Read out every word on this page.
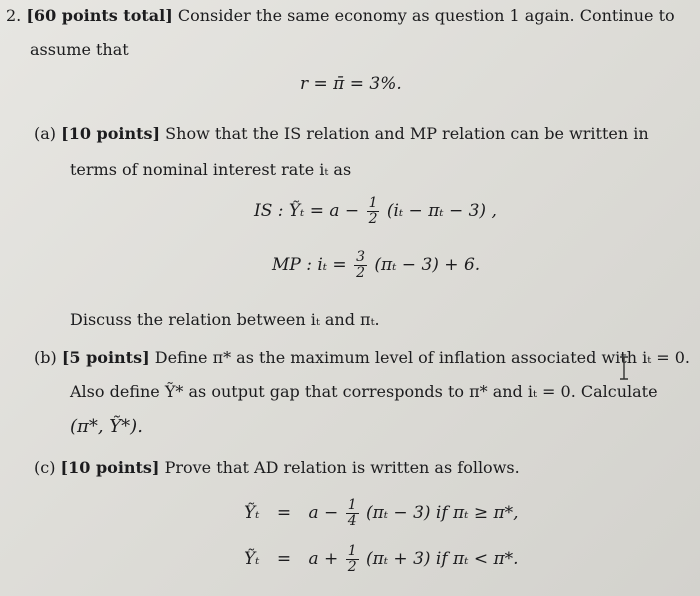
2. [60 points total] Consider the same economy as question 1 again. Continue to
assume that
r = π̄ = 3%.
(a) [10 points] Show that the IS relation and MP relation can be written in
terms of nominal interest rate iₜ as
IS : Ỹₜ = $a - \frac{1}{2} (i_t - \pi_t - 3)$ ,
MP : $i_t = \frac{3}{2} (\pi_t - 3) + 6$.
Discuss the relation between iₜ and πₜ.
(b) [5 points] Define π* as the maximum level of inflation associated with iₜ = 0.
Also define Ỹ* as output gap that corresponds to π* and iₜ = 0. Calculate
(π*, Ỹ*).
(c) [10 points] Prove that AD relation is written as follows.
Ỹₜ = $a - \frac{1}{4} (\pi_t - 3)$ if πₜ ≥ π*,
Ỹₜ = $a + \frac{1}{2} (\pi_t + 3)$ if πₜ < π*.
